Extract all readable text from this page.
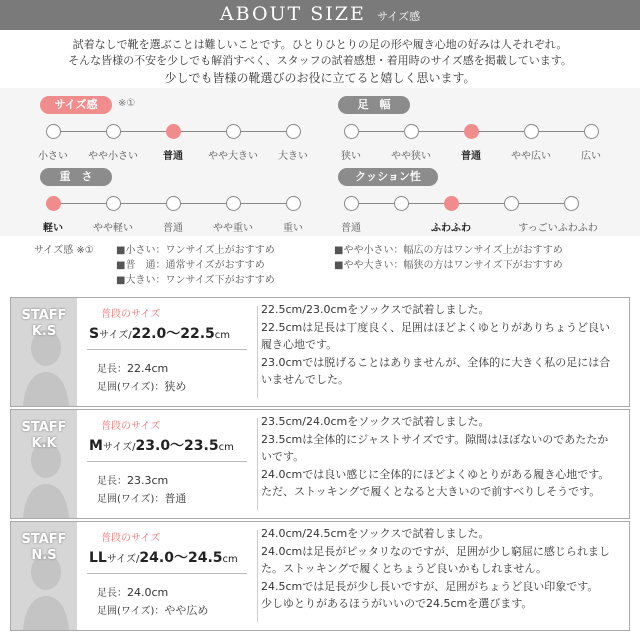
ABOUT SIZE サイズ感
試着なしで靴を選ぶことは難しいことです。ひとりひとりの足の形や履き心地の好みは人それぞれ。
そんな皆様の不安を少しでも解消すべく、スタッフの試着感想・着用時のサイズ感を掲載しています。
少しでも皆様の靴選びのお役に立てると嬉しく思います。
サイズ感	※①
小さい やや小さい	普通	やや大きい 大きい
足　幅
狭い	やや狭い	普通	やや広い	広い
重　さ
軽い	やや軽い	普通	やや重い	重い
クッション性
普通	ふわふわ	すっごいふわふわ
サイズ感 ※① ■小さい：ワンサイズ上がおすすめ
■普　通：通常サイズがおすすめ
■大きい：ワンサイズ下がおすすめ
■やや小さい：幅広の方はワンサイズ上がおすすめ
■やや大きい：幅狭の方はワンサイズ下がおすすめ
STAFF
K.S
普段のサイズ
Sサイズ/22.0〜22.5cm
足長：22.4cm
足囲(ワイズ)：狭め
22.5cm/23.0cmをソックスで試着しました。
22.5cmは足長は丁度良く、足囲はほどよくゆとりがありちょうど良い
履き心地です。
23.0cmでは脱げることはありませんが、全体的に大きく私の足には合
いませんでした。
STAFF
K.K
普段のサイズ
Mサイズ/23.0〜23.5cm
足長：23.3cm
足囲(ワイズ)：普通
23.5cm/24.0cmをソックスで試着しました。
23.5cmは全体的にジャストサイズです。隙間はほぼないのであたたか
いです。
24.0cmでは良い感じに全体的にほどよくゆとりがある履き心地です。
ただ、ストッキングで履くとなると大きいので前すべりしそうです。
STAFF
N.S
普段のサイズ
LLサイズ/24.0〜24.5cm
足長：24.0cm
足囲(ワイズ)：やや広め
24.0cm/24.5cmをソックスで試着しました。
24.0cmは足長がピッタリなのですが、足囲が少し窮屈に感じられまし
た。ストッキングで履くとちょうど良いかもしれません。
24.5cmでは足長が少し長いですが、足囲がちょうど良い印象です。
少しゆとりがあるほうがいいので24.5cmを選びます。
